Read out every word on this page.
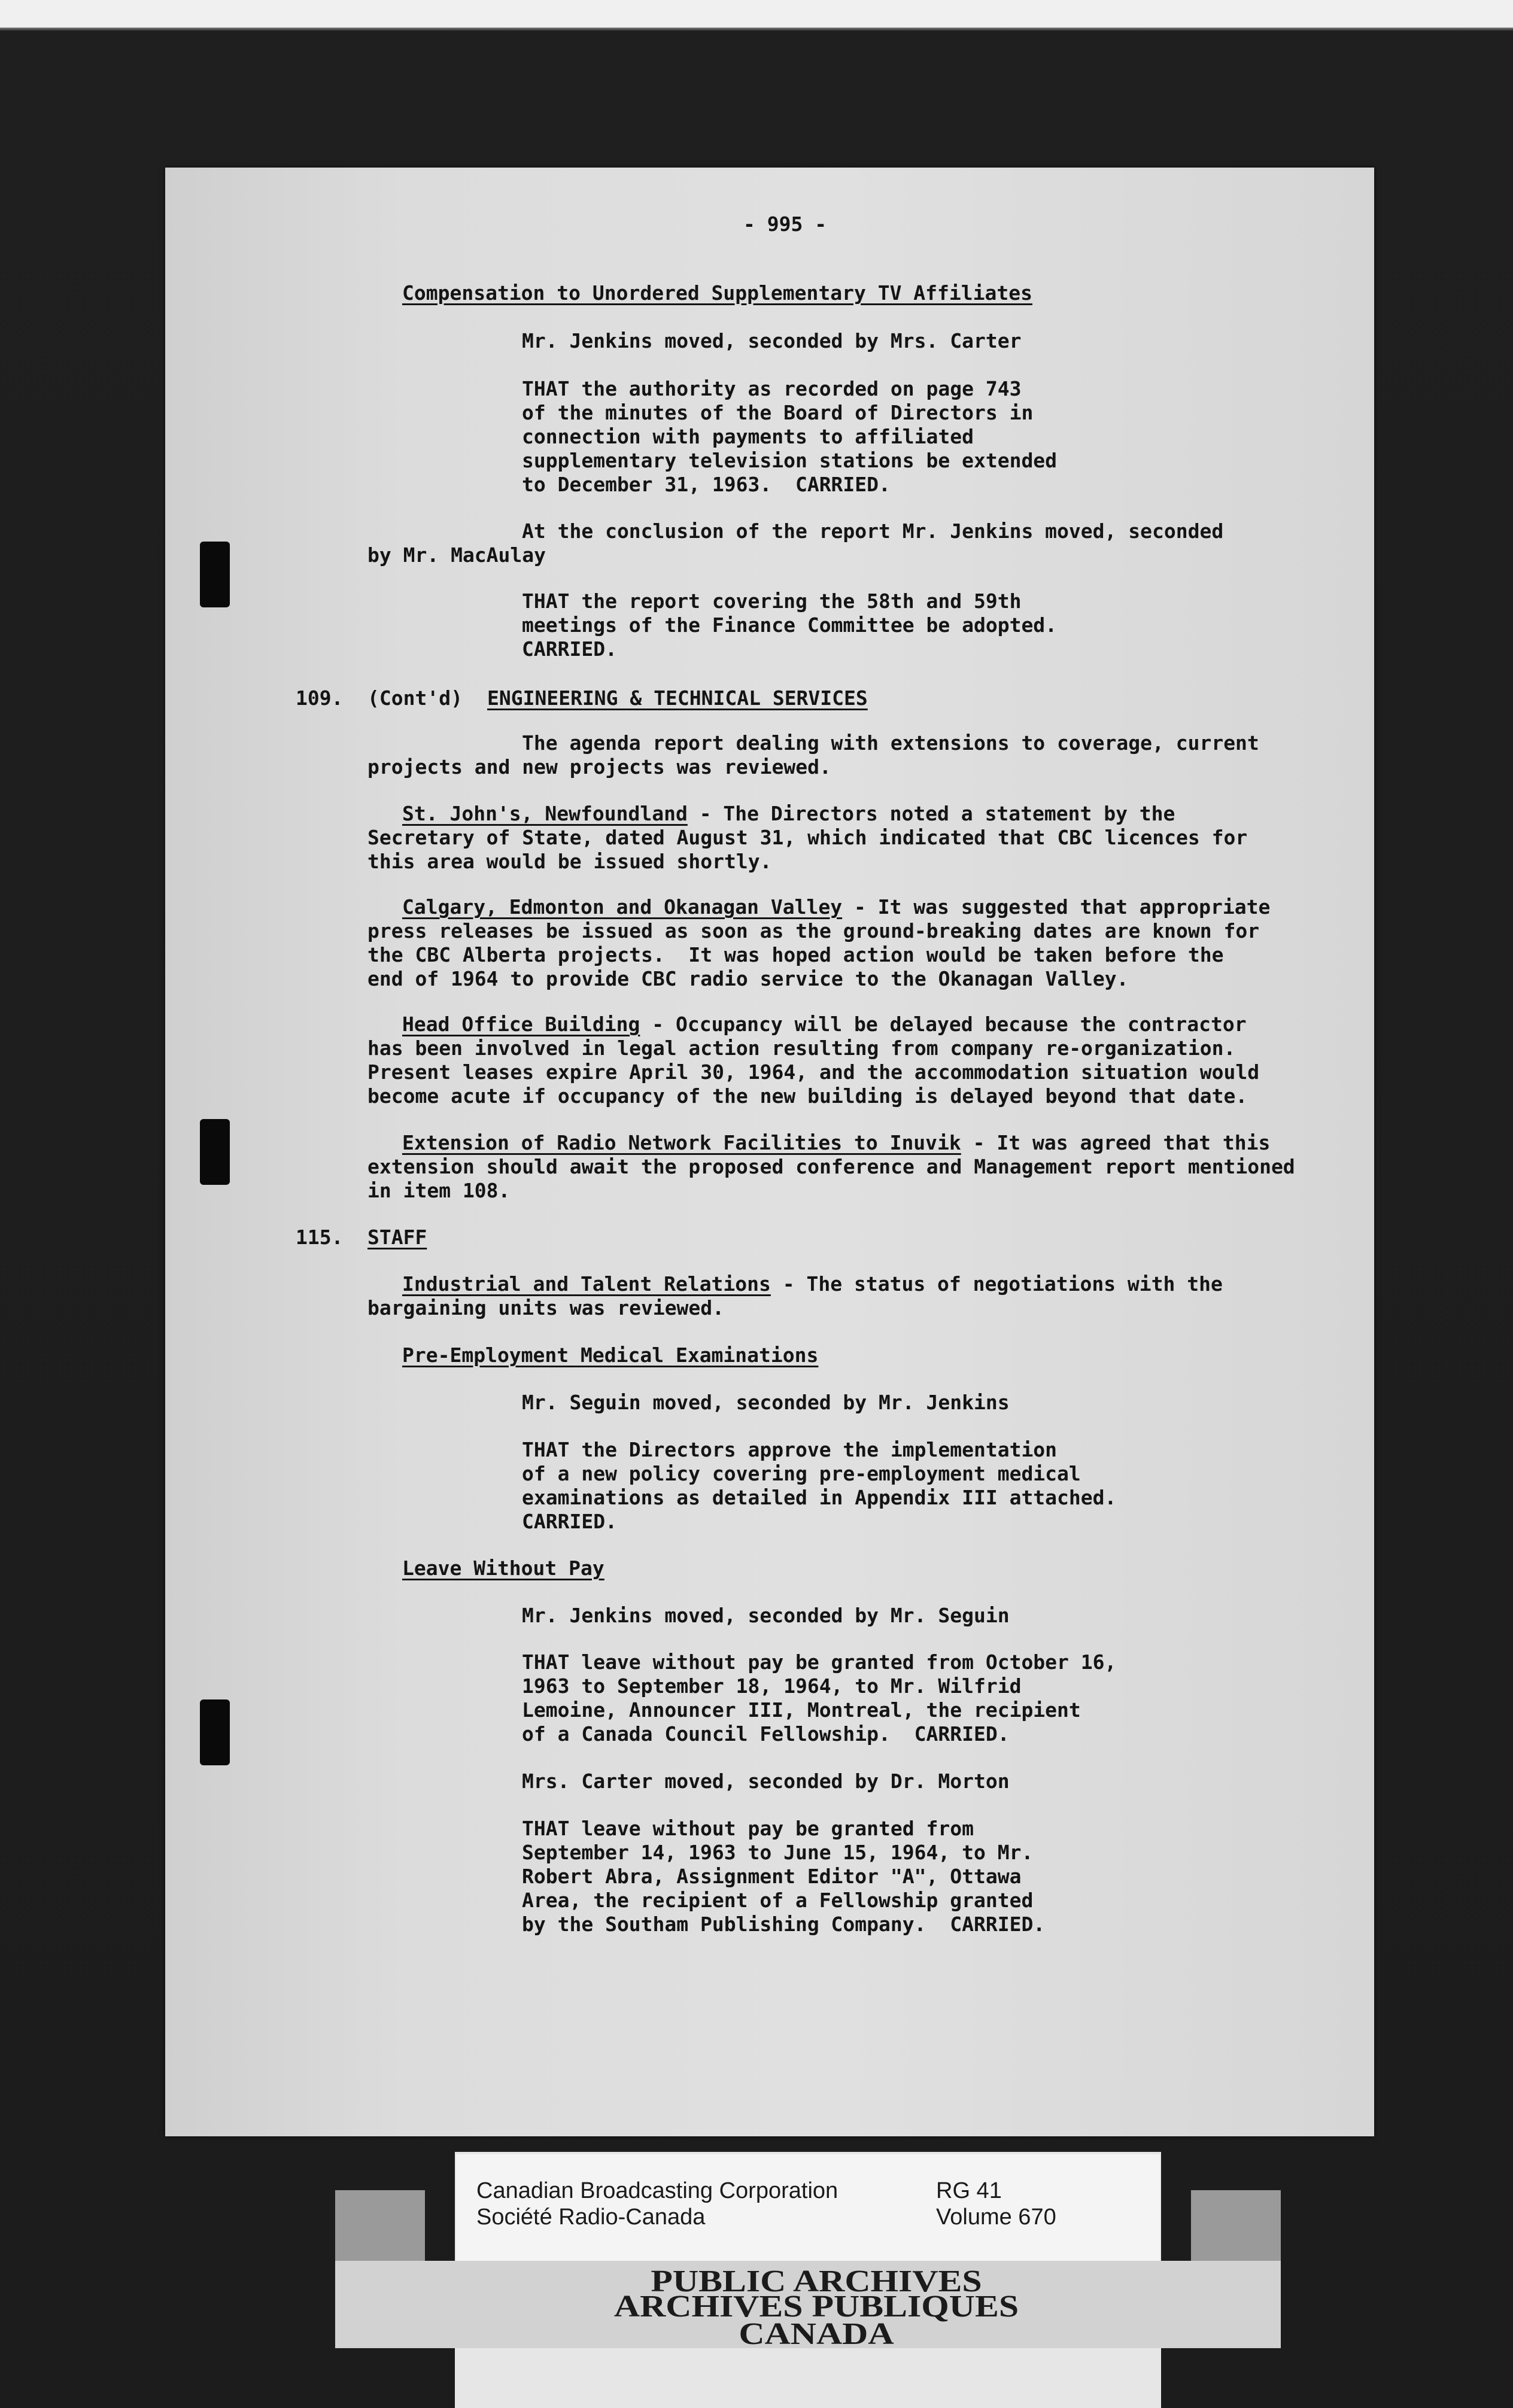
- 995 -
Compensation to Unordered Supplementary TV Affiliates
Mr. Jenkins moved, seconded by Mrs. Carter
THAT the authority as recorded on page 743
of the minutes of the Board of Directors in
connection with payments to affiliated
supplementary television stations be extended
to December 31, 1963.  CARRIED.
At the conclusion of the report Mr. Jenkins moved, seconded
by Mr. MacAulay
THAT the report covering the 58th and 59th
meetings of the Finance Committee be adopted.
CARRIED.
109. (Cont'd) ENGINEERING & TECHNICAL SERVICES
The agenda report dealing with extensions to coverage, current
projects and new projects was reviewed.
St. John's, Newfoundland - The Directors noted a statement by the
Secretary of State, dated August 31, which indicated that CBC licences for
this area would be issued shortly.
Calgary, Edmonton and Okanagan Valley - It was suggested that appropriate
press releases be issued as soon as the ground-breaking dates are known for
the CBC Alberta projects.  It was hoped action would be taken before the
end of 1964 to provide CBC radio service to the Okanagan Valley.
Head Office Building - Occupancy will be delayed because the contractor
has been involved in legal action resulting from company re-organization.
Present leases expire April 30, 1964, and the accommodation situation would
become acute if occupancy of the new building is delayed beyond that date.
Extension of Radio Network Facilities to Inuvik - It was agreed that this
extension should await the proposed conference and Management report mentioned
in item 108.
115. STAFF
Industrial and Talent Relations - The status of negotiations with the
bargaining units was reviewed.
Pre-Employment Medical Examinations
Mr. Seguin moved, seconded by Mr. Jenkins
THAT the Directors approve the implementation
of a new policy covering pre-employment medical
examinations as detailed in Appendix III attached.
CARRIED.
Leave Without Pay
Mr. Jenkins moved, seconded by Mr. Seguin
THAT leave without pay be granted from October 16,
1963 to September 18, 1964, to Mr. Wilfrid
Lemoine, Announcer III, Montreal, the recipient
of a Canada Council Fellowship.  CARRIED.
Mrs. Carter moved, seconded by Dr. Morton
THAT leave without pay be granted from
September 14, 1963 to June 15, 1964, to Mr.
Robert Abra, Assignment Editor "A", Ottawa
Area, the recipient of a Fellowship granted
by the Southam Publishing Company.  CARRIED.
Canadian Broadcasting Corporation
Société Radio-Canada
RG 41
Volume 670
PUBLIC ARCHIVES
ARCHIVES PUBLIQUES
CANADA
